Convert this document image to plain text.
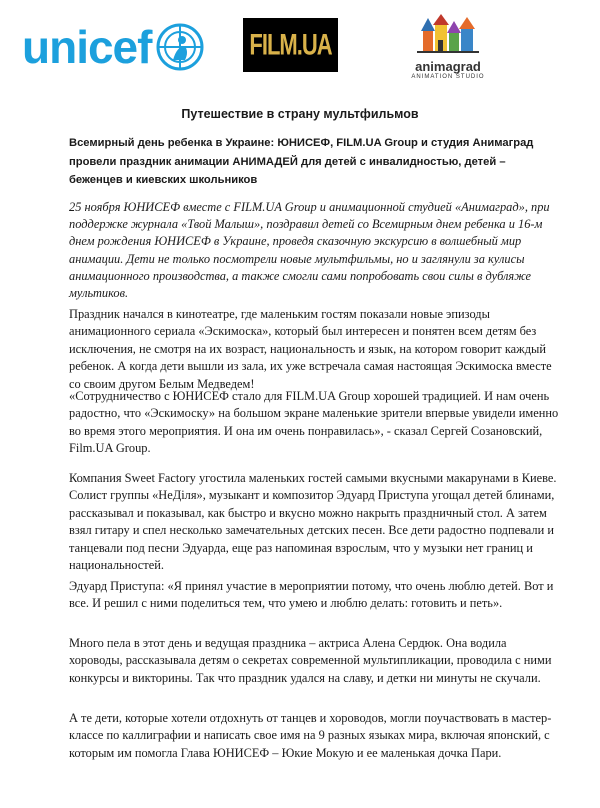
unicef	FILM.UA
animagrad
ANIMATION STUDIO
Путешествие в страну мультфильмов

Всемирный день ребенка в Украине: ЮНИСЕФ, FILM.UA Group и студия Анимаград провели праздник анимации АНИМАДЕЙ для детей с инвалидностью, детей – беженцев и киевских школьников

25 ноября ЮНИСЕФ вместе с FILM.UA Group и анимационной студией «Анимаград», при поддержке журнала «Твой Малыш», поздравил детей со Всемирным днем ребенка и 16-м днем рождения ЮНИСЕФ в Украине, проведя сказочную экскурсию в волшебный мир анимации. Дети не только посмотрели новые мультфильмы, но и заглянули за кулисы анимационного производства, а также смогли сами попробовать свои силы в дубляже мультиков.

Праздник начался в кинотеатре, где маленьким гостям показали новые эпизоды анимационного сериала «Эскимоска», который был интересен и понятен всем детям без исключения, не смотря на их возраст, национальность и язык, на котором говорит каждый ребенок. А когда дети вышли из зала, их уже встречала самая настоящая Эскимоска вместе со своим другом Белым Медведем!

«Сотрудничество с ЮНИСЕФ стало для FILM.UA Group хорошей традицией. И нам очень радостно, что «Эскимоску» на большом экране маленькие зрители впервые увидели именно во время этого мероприятия. И она им очень понравилась», - сказал Сергей Созановский, Film.UA Group.

Компания Sweet Factory угостила маленьких гостей самыми вкусными макарунами в Киеве. Солист группы «НеДіля», музыкант и композитор Эдуард Приступа угощал детей блинами, рассказывал и показывал, как быстро и вкусно можно накрыть праздничный стол. А затем взял гитару и спел несколько замечательных детских песен. Все дети радостно подпевали и танцевали под песни Эдуарда, еще раз напоминая взрослым, что у музыки нет границ и национальностей.

Эдуард Приступа: «Я принял участие в мероприятии потому, что очень люблю детей. Вот и все. И решил с ними поделиться тем, что умею и люблю делать: готовить и петь».

Много пела в этот день и ведущая праздника – актриса Алена Сердюк. Она водила хороводы, рассказывала детям о секретах современной мультипликации, проводила с ними конкурсы и викторины. Так что праздник удался на славу, и детки ни минуты не скучали.

А те дети, которые хотели отдохнуть от танцев и хороводов, могли поучаствовать в мастер-классе по каллиграфии и написать свое имя на 9 разных языках мира, включая японский, с которым им помогла Глава ЮНИСЕФ – Юкие Мокую и ее маленькая дочка Пари.
